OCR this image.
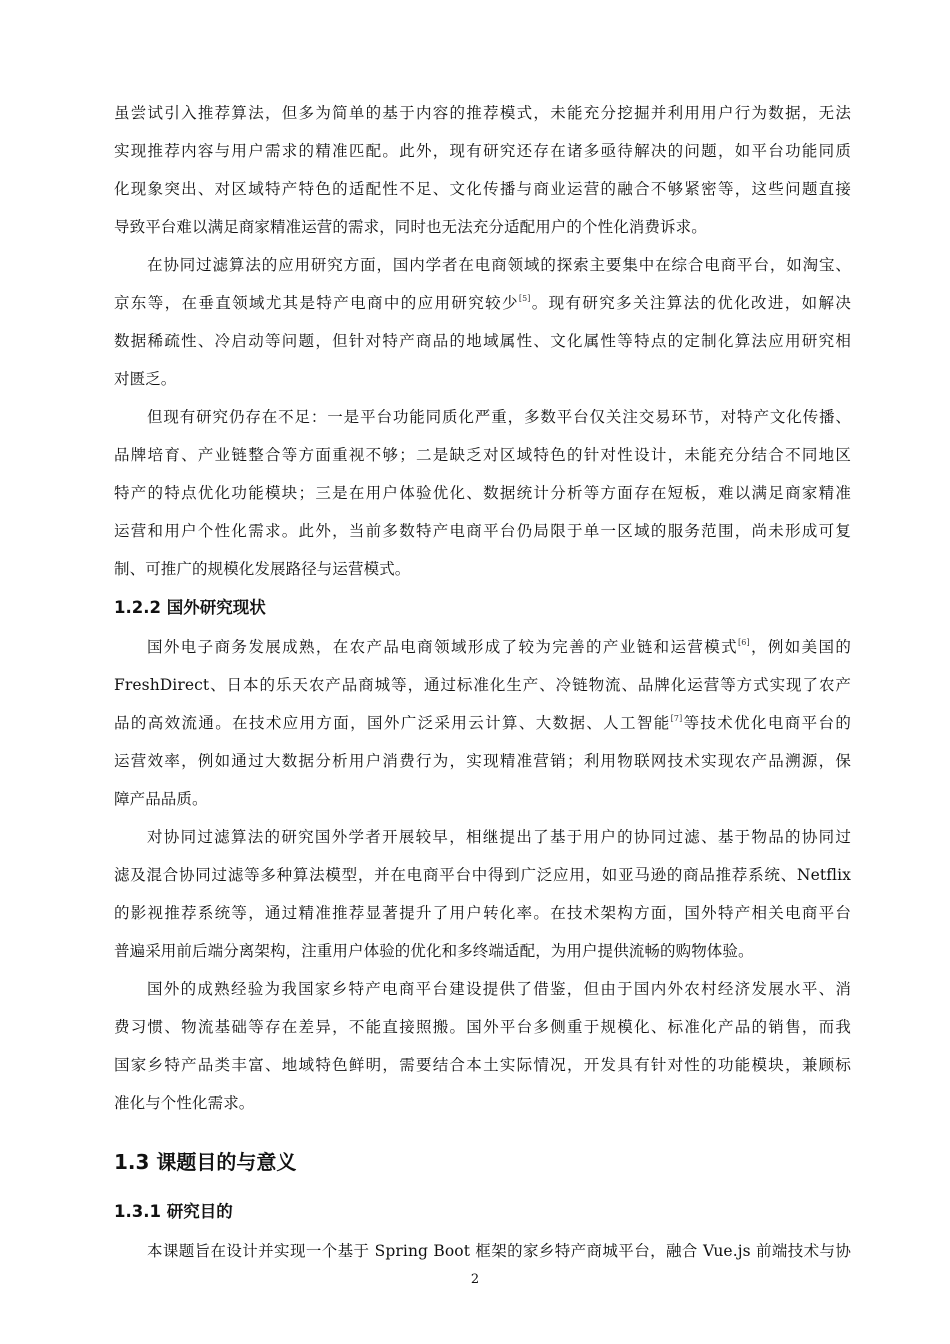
虽尝试引入推荐算法，但多为简单的基于内容的推荐模式，未能充分挖掘并利用用户行为数据，无法
实现推荐内容与用户需求的精准匹配。此外，现有研究还存在诸多亟待解决的问题，如平台功能同质
化现象突出、对区域特产特色的适配性不足、文化传播与商业运营的融合不够紧密等，这些问题直接
导致平台难以满足商家精准运营的需求，同时也无法充分适配用户的个性化消费诉求。
在协同过滤算法的应用研究方面，国内学者在电商领域的探索主要集中在综合电商平台，如淘宝、
京东等，在垂直领域尤其是特产电商中的应用研究较少[5]。现有研究多关注算法的优化改进，如解决
数据稀疏性、冷启动等问题，但针对特产商品的地域属性、文化属性等特点的定制化算法应用研究相
对匮乏。
但现有研究仍存在不足：一是平台功能同质化严重，多数平台仅关注交易环节，对特产文化传播、
品牌培育、产业链整合等方面重视不够；二是缺乏对区域特色的针对性设计，未能充分结合不同地区
特产的特点优化功能模块；三是在用户体验优化、数据统计分析等方面存在短板，难以满足商家精准
运营和用户个性化需求。此外，当前多数特产电商平台仍局限于单一区域的服务范围，尚未形成可复
制、可推广的规模化发展路径与运营模式。
1.2.2 国外研究现状
国外电子商务发展成熟，在农产品电商领域形成了较为完善的产业链和运营模式[6]，例如美国的
FreshDirect、日本的乐天农产品商城等，通过标准化生产、冷链物流、品牌化运营等方式实现了农产
品的高效流通。在技术应用方面，国外广泛采用云计算、大数据、人工智能[7]等技术优化电商平台的
运营效率，例如通过大数据分析用户消费行为，实现精准营销；利用物联网技术实现农产品溯源，保
障产品品质。
对协同过滤算法的研究国外学者开展较早，相继提出了基于用户的协同过滤、基于物品的协同过
滤及混合协同过滤等多种算法模型，并在电商平台中得到广泛应用，如亚马逊的商品推荐系统、Netflix
的影视推荐系统等，通过精准推荐显著提升了用户转化率。在技术架构方面，国外特产相关电商平台
普遍采用前后端分离架构，注重用户体验的优化和多终端适配，为用户提供流畅的购物体验。
国外的成熟经验为我国家乡特产电商平台建设提供了借鉴，但由于国内外农村经济发展水平、消
费习惯、物流基础等存在差异，不能直接照搬。国外平台多侧重于规模化、标准化产品的销售，而我
国家乡特产品类丰富、地域特色鲜明，需要结合本土实际情况，开发具有针对性的功能模块，兼顾标
准化与个性化需求。
1.3 课题目的与意义
1.3.1 研究目的
本课题旨在设计并实现一个基于 Spring Boot 框架的家乡特产商城平台，融合 Vue.js 前端技术与协
2
